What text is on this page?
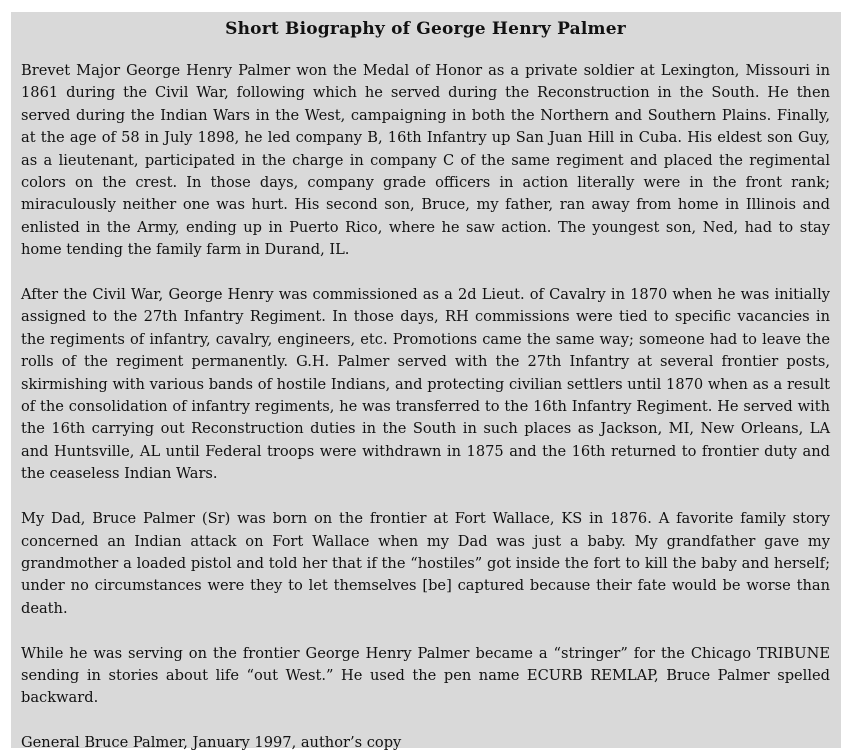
Short Biography of George Henry Palmer

Brevet Major George Henry Palmer won the Medal of Honor as a private soldier at Lexington, Missouri in 1861 during the Civil War, following which he served during the Reconstruction in the South. He then served during the Indian Wars in the West, campaigning in both the Northern and Southern Plains. Finally, at the age of 58 in July 1898, he led company B, 16th Infantry up San Juan Hill in Cuba. His eldest son Guy, as a lieutenant, participated in the charge in company C of the same regiment and placed the regimental colors on the crest. In those days, company grade officers in action literally were in the front rank; miraculously neither one was hurt. His second son, Bruce, my father, ran away from home in Illinois and enlisted in the Army, ending up in Puerto Rico, where he saw action. The youngest son, Ned, had to stay home tending the family farm in Durand, IL.

After the Civil War, George Henry was commissioned as a 2d Lieut. of Cavalry in 1870 when he was initially assigned to the 27th Infantry Regiment. In those days, RH commissions were tied to specific vacancies in the regiments of infantry, cavalry, engineers, etc. Promotions came the same way; someone had to leave the rolls of the regiment permanently. G.H. Palmer served with the 27th Infantry at several frontier posts, skirmishing with various bands of hostile Indians, and protecting civilian settlers until 1870 when as a result of the consolidation of infantry regiments, he was transferred to the 16th Infantry Regiment. He served with the 16th carrying out Reconstruction duties in the South in such places as Jackson, MI, New Orleans, LA and Huntsville, AL until Federal troops were withdrawn in 1875 and the 16th returned to frontier duty and the ceaseless Indian Wars.

My Dad, Bruce Palmer (Sr) was born on the frontier at Fort Wallace, KS in 1876. A favorite family story concerned an Indian attack on Fort Wallace when my Dad was just a baby. My grandfather gave my grandmother a loaded pistol and told her that if the “hostiles” got inside the fort to kill the baby and herself; under no circumstances were they to let themselves [be] captured because their fate would be worse than death.

While he was serving on the frontier George Henry Palmer became a “stringer” for the Chicago TRIBUNE sending in stories about life “out West.” He used the pen name ECURB REMLAP, Bruce Palmer spelled backward.

General Bruce Palmer, January 1997, author’s copy
